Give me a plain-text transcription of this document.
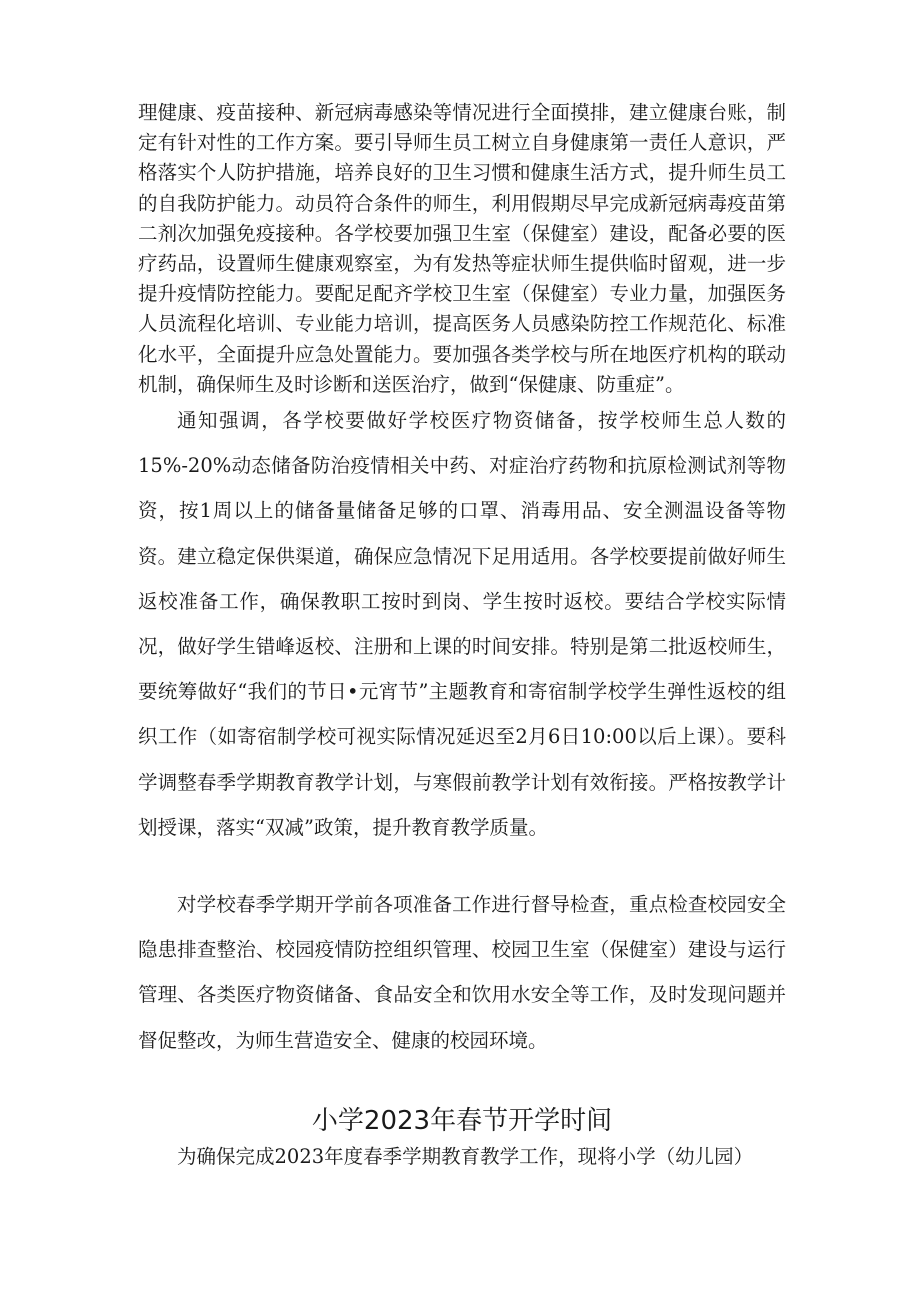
理健康、疫苗接种、新冠病毒感染等情况进行全面摸排，建立健康台账，制定有针对性的工作方案。要引导师生员工树立自身健康第一责任人意识，严格落实个人防护措施，培养良好的卫生习惯和健康生活方式，提升师生员工的自我防护能力。动员符合条件的师生，利用假期尽早完成新冠病毒疫苗第二剂次加强免疫接种。各学校要加强卫生室（保健室）建设，配备必要的医疗药品，设置师生健康观察室，为有发热等症状师生提供临时留观，进一步提升疫情防控能力。要配足配齐学校卫生室（保健室）专业力量，加强医务人员流程化培训、专业能力培训，提高医务人员感染防控工作规范化、标准化水平，全面提升应急处置能力。要加强各类学校与所在地医疗机构的联动机制，确保师生及时诊断和送医治疗，做到“保健康、防重症”。

通知强调，各学校要做好学校医疗物资储备，按学校师生总人数的15%-20%动态储备防治疫情相关中药、对症治疗药物和抗原检测试剂等物资，按1周以上的储备量储备足够的口罩、消毒用品、安全测温设备等物资。建立稳定保供渠道，确保应急情况下足用适用。各学校要提前做好师生返校准备工作，确保教职工按时到岗、学生按时返校。要结合学校实际情况，做好学生错峰返校、注册和上课的时间安排。特别是第二批返校师生，要统筹做好“我们的节日•元宵节”主题教育和寄宿制学校学生弹性返校的组织工作（如寄宿制学校可视实际情况延迟至2月6日10:00以后上课）。要科学调整春季学期教育教学计划，与寒假前教学计划有效衔接。严格按教学计划授课，落实“双减”政策，提升教育教学质量。

对学校春季学期开学前各项准备工作进行督导检查，重点检查校园安全隐患排查整治、校园疫情防控组织管理、校园卫生室（保健室）建设与运行管理、各类医疗物资储备、食品安全和饮用水安全等工作，及时发现问题并督促整改，为师生营造安全、健康的校园环境。

小学2023年春节开学时间

为确保完成2023年度春季学期教育教学工作，现将小学（幼儿园）
